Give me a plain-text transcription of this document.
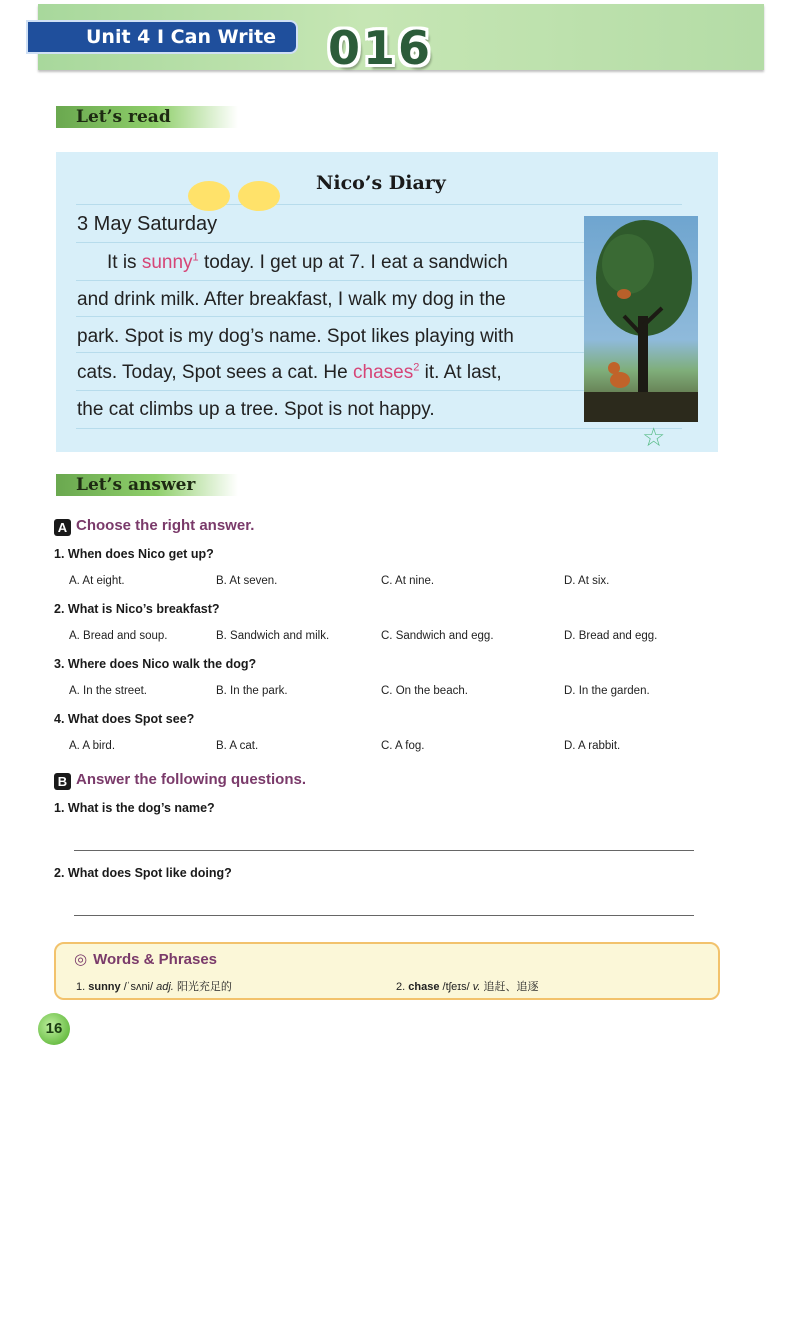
Unit 4 I Can Write	016
Let’s read
Nico’s Diary
3 May Saturday
It is sunny$^1$ today. I get up at 7. I eat a sandwich
and drink milk. After breakfast, I walk my dog in the
park. Spot is my dog’s name. Spot likes playing with
cats. Today, Spot sees a cat. He chases$^2$ it. At last,
the cat climbs up a tree. Spot is not happy.
☆
Let’s answer
A Choose the right answer.
1. When does Nico get up?
A. At eight.	B. At seven.	C. At nine.	D. At six.
2. What is Nico’s breakfast?
A. Bread and soup.	B. Sandwich and milk.	C. Sandwich and egg.	D. Bread and egg.
3. Where does Nico walk the dog?
A. In the street.	B. In the park.	C. On the beach.	D. In the garden.
4. What does Spot see?
A. A bird.	B. A cat.	C. A fog.	D. A rabbit.
B Answer the following questions.
1. What is the dog’s name?
2. What does Spot like doing?
◎ Words & Phrases
1. sunny /ˈsʌni/ adj. 阳光充足的	2. chase /tʃeɪs/ v. 追赶、追逐
16
